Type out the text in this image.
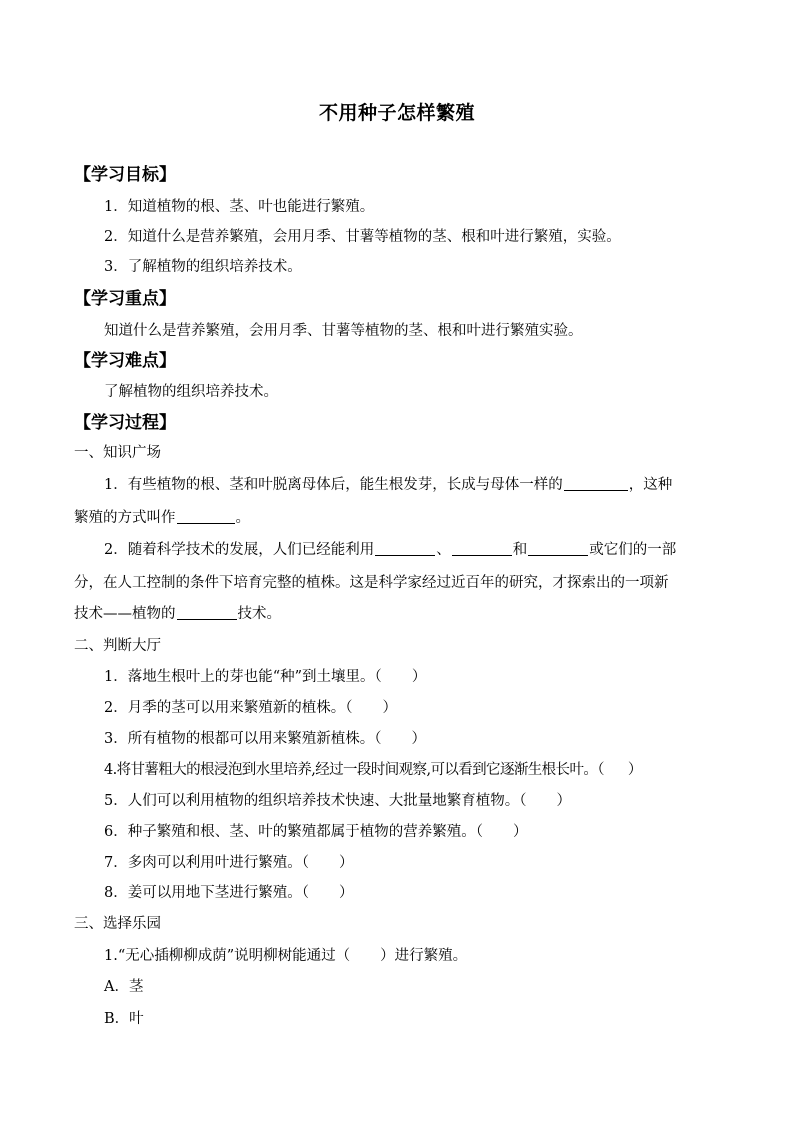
不用种子怎样繁殖
【学习目标】
1．知道植物的根、茎、叶也能进行繁殖。
2．知道什么是营养繁殖，会用月季、甘薯等植物的茎、根和叶进行繁殖，实验。
3．了解植物的组织培养技术。
【学习重点】
知道什么是营养繁殖，会用月季、甘薯等植物的茎、根和叶进行繁殖实验。
【学习难点】
了解植物的组织培养技术。
【学习过程】
一、知识广场
1．有些植物的根、茎和叶脱离母体后，能生根发芽，长成与母体一样的	，这种
繁殖的方式叫作	。
2．随着科学技术的发展，人们已经能利用	、	和	或它们的一部
分，在人工控制的条件下培育完整的植株。这是科学家经过近百年的研究，才探索出的一项新
技术——植物的	技术。
二、判断大厅
1．落地生根叶上的芽也能“种”到土壤里。（ ）
2．月季的茎可以用来繁殖新的植株。（ ）
3．所有植物的根都可以用来繁殖新植株。（ ）
4.将甘薯粗大的根浸泡到水里培养,经过一段时间观察,可以看到它逐渐生根长叶。（ ）
5．人们可以利用植物的组织培养技术快速、大批量地繁育植物。（ ）
6．种子繁殖和根、茎、叶的繁殖都属于植物的营养繁殖。（ ）
7．多肉可以利用叶进行繁殖。（ ）
8．姜可以用地下茎进行繁殖。（ ）
三、选择乐园
1.“无心插柳柳成荫”说明柳树能通过（ ）进行繁殖。
A．茎
B．叶
